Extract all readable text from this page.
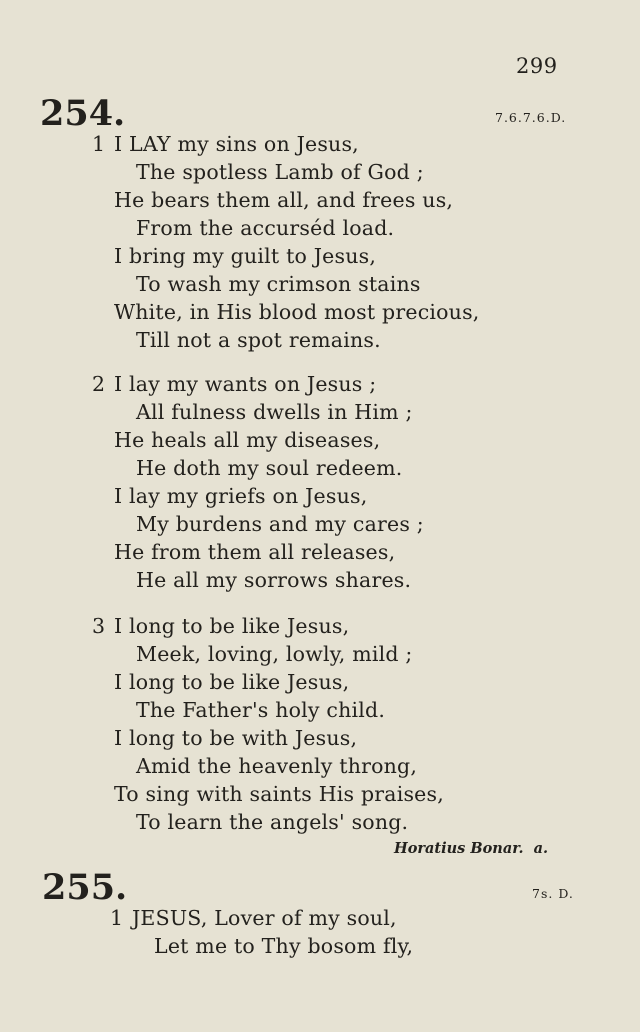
299
254.	7.6.7.6.D.
1 I LAY my sins on Jesus,
The spotless Lamb of God ;
He bears them all, and frees us,
From the accurséd load.
I bring my guilt to Jesus,
To wash my crimson stains
White, in His blood most precious,
Till not a spot remains.
2 I lay my wants on Jesus ;
All fulness dwells in Him ;
He heals all my diseases,
He doth my soul redeem.
I lay my griefs on Jesus,
My burdens and my cares ;
He from them all releases,
He all my sorrows shares.
3 I long to be like Jesus,
Meek, loving, lowly, mild ;
I long to be like Jesus,
The Father's holy child.
I long to be with Jesus,
Amid the heavenly throng,
To sing with saints His praises,
To learn the angels' song.
Horatius Bonar. a.
255.	7s. D.
1 JESUS, Lover of my soul,
Let me to Thy bosom fly,
